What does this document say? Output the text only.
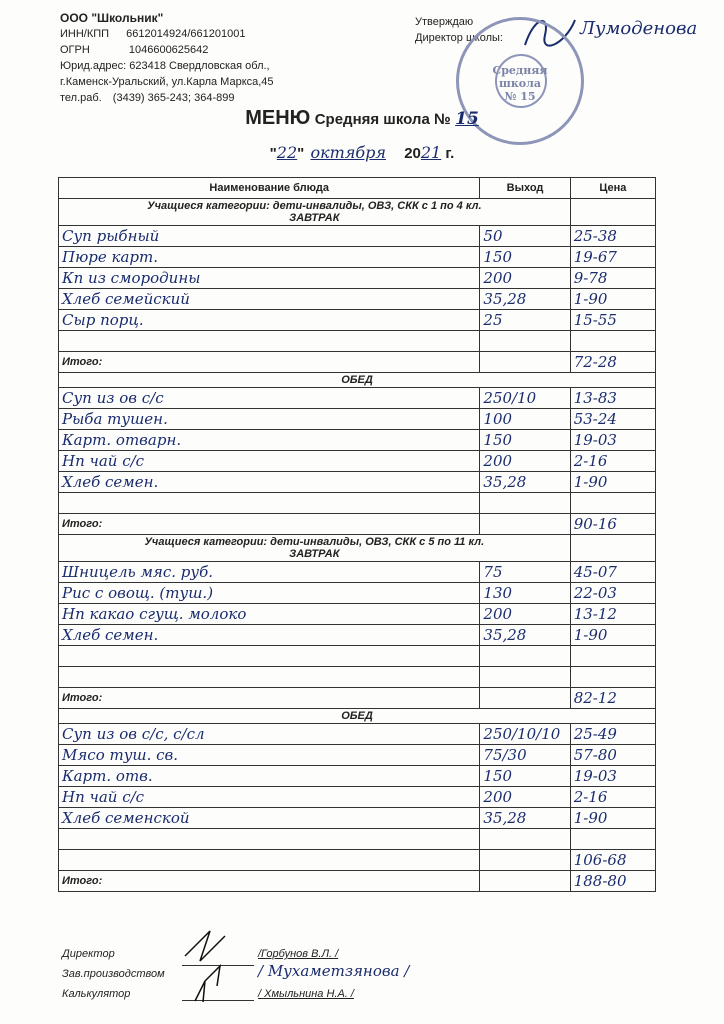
ООО "Школьник"
ИНН/КПП 6612014924/661201001
ОГРН	1046600625642
Юрид.адрес: 623418 Свердловская обл.,
г.Каменск-Уральский, ул.Карла Маркса,45
тел.раб. (3439) 365-243; 364-899
Утверждаю
Директор школы:	Лумоденова
Средняя
школа
№ 15
МЕНЮ Средняя школа № 15
"22" октября 2021 г.
Наименование блюда	Выход	Цена

Учащиеся категории: дети-инвалиды, ОВЗ, СКК с 1 по 4 кл.
ЗАВТРАК		

Суп рыбный	50	25-38
Пюре карт.	150	19-67
Кп из смородины	200	9-78
Хлеб семейский	35,28	1-90
Сыр порц.	25	15-55

Итого:		72-28
ОБЕД		
Суп из ов с/с	250/10	13-83
Рыба тушен.	100	53-24
Карт. отварн.	150	19-03
Нп чай с/с	200	2-16
Хлеб семен.	35,28	1-90

Итого:		90-16

Учащиеся категории: дети-инвалиды, ОВЗ, СКК с 5 по 11 кл.
ЗАВТРАК		

Шницель мяс. руб.	75	45-07
Рис с овощ. (туш.)	130	22-03
Нп какао сгущ. молоко	200	13-12
Хлеб семен.	35,28	1-90

Итого:		82-12
ОБЕД		
Суп из ов с/с, с/сл	250/10/10	25-49
Мясо туш. св.	75/30	57-80
Карт. отв.	150	19-03
Нп чай с/с	200	2-16
Хлеб семенской	35,28	1-90

		106-68
Итого:		188-80
Директор	/Горбунов В.Л. /
Зав.производством	/ Мухаметзянова /
Калькулятор	/ Хмыльнина Н.А. /
